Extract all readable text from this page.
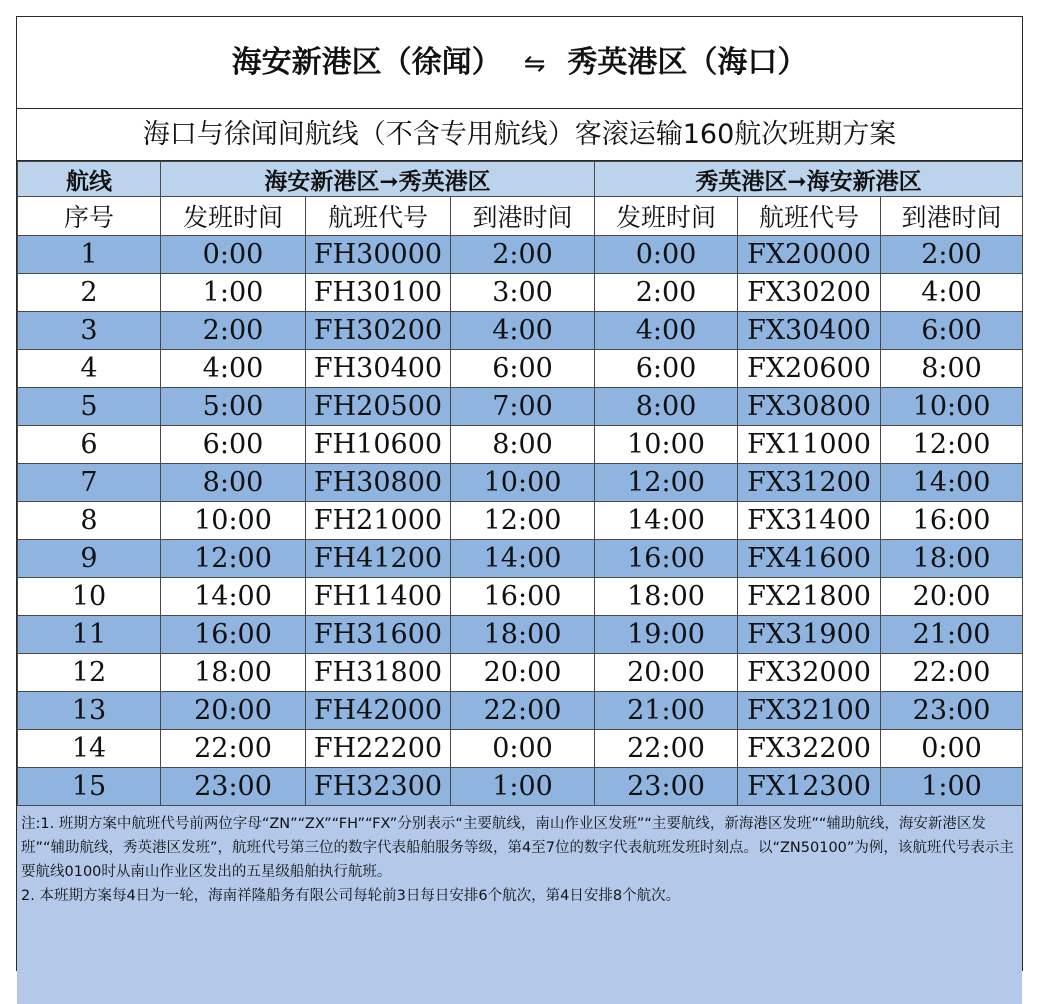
海安新港区（徐闻） ⇋ 秀英港区（海口）
海口与徐闻间航线（不含专用航线）客滚运输160航次班期方案
航线	海安新港区➞秀英港区			秀英港区➞海安新港区		
序号	发班时间	航班代号	到港时间	发班时间	航班代号	到港时间
1	0:00	FH30000	2:00	0:00	FX20000	2:00
2	1:00	FH30100	3:00	2:00	FX30200	4:00
3	2:00	FH30200	4:00	4:00	FX30400	6:00
4	4:00	FH30400	6:00	6:00	FX20600	8:00
5	5:00	FH20500	7:00	8:00	FX30800	10:00
6	6:00	FH10600	8:00	10:00	FX11000	12:00
7	8:00	FH30800	10:00	12:00	FX31200	14:00
8	10:00	FH21000	12:00	14:00	FX31400	16:00
9	12:00	FH41200	14:00	16:00	FX41600	18:00
10	14:00	FH11400	16:00	18:00	FX21800	20:00
11	16:00	FH31600	18:00	19:00	FX31900	21:00
12	18:00	FH31800	20:00	20:00	FX32000	22:00
13	20:00	FH42000	22:00	21:00	FX32100	23:00
14	22:00	FH22200	0:00	22:00	FX32200	0:00
15	23:00	FH32300	1:00	23:00	FX12300	1:00

注:1. 班期方案中航班代号前两位字母“ZN”“ZX”“FH”“FX”分别表示“主要航线，南山作业区发班”“主要航线，新海港区发班”“辅助航线，海安新港区发班”“辅助航线，秀英港区发班”，航班代号第三位的数字代表船舶服务等级，第4至7位的数字代表航班发班时刻点。以“ZN50100”为例，该航班代号表示主要航线0100时从南山作业区发出的五星级船舶执行航班。

2. 本班期方案每4日为一轮，海南祥隆船务有限公司每轮前3日每日安排6个航次，第4日安排8个航次。
